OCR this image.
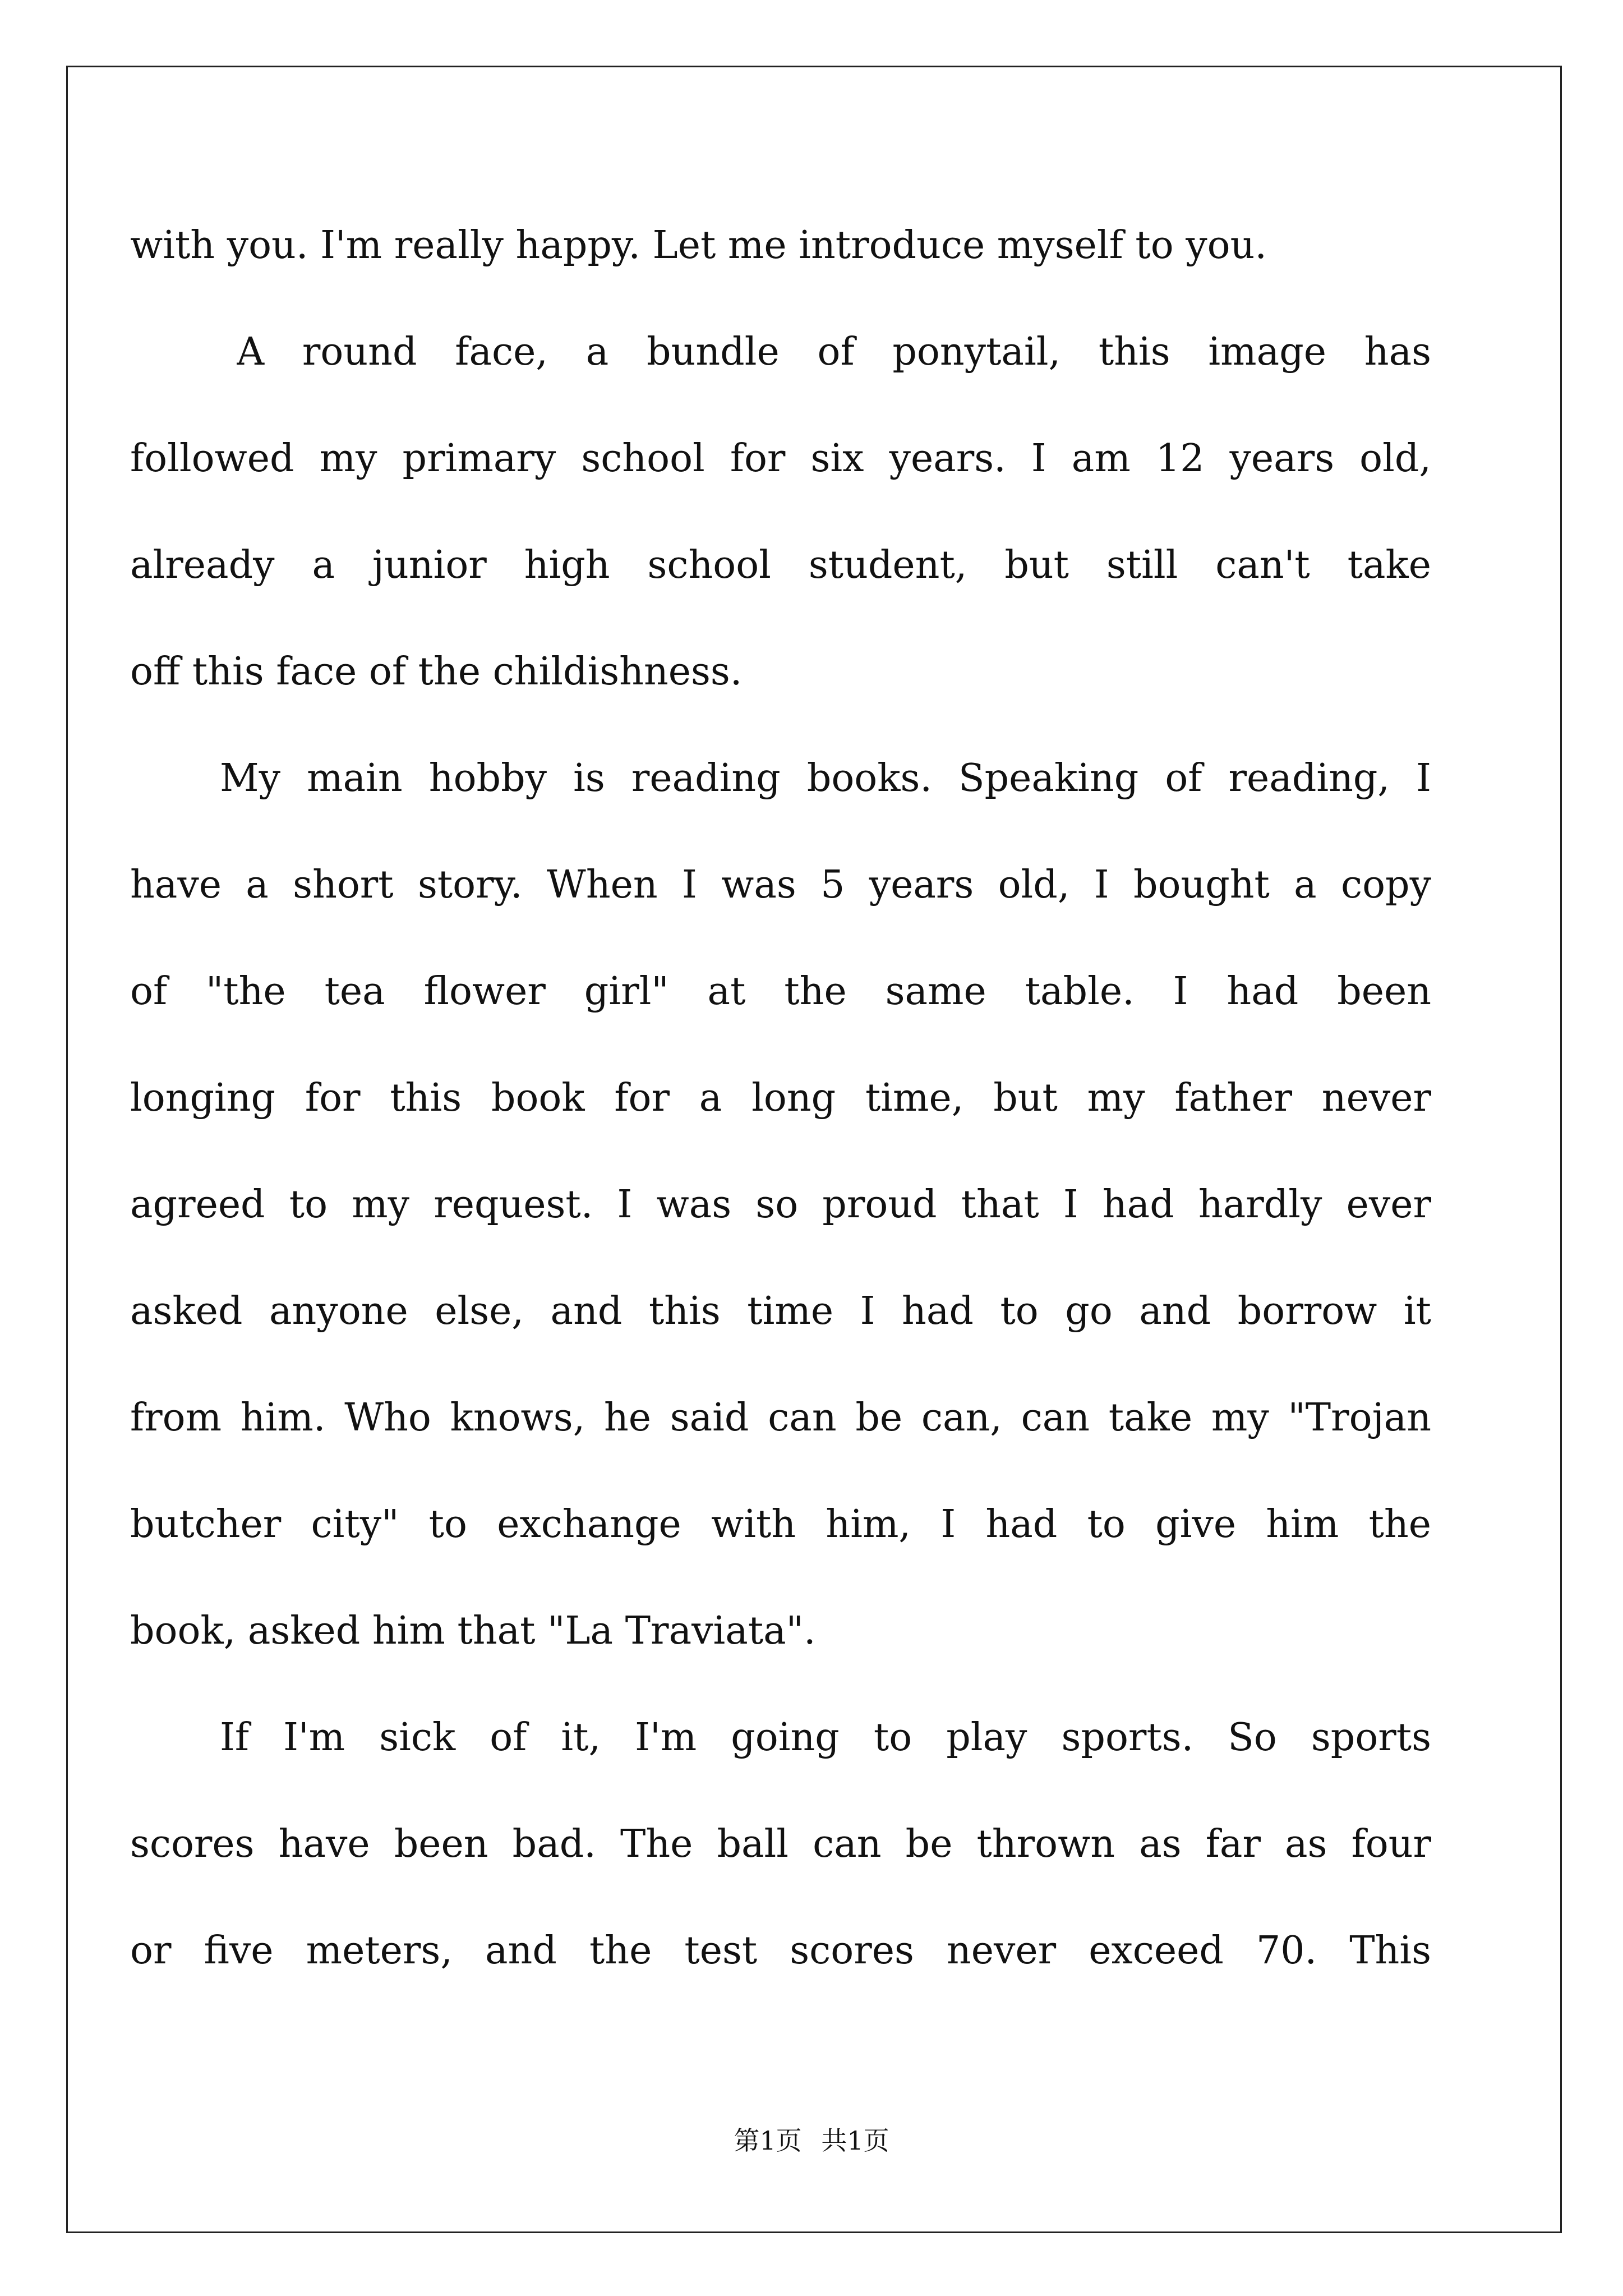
with you. I'm really happy. Let me introduce myself to you.
A round face, a bundle of ponytail, this image has
followed my primary school for six years. I am 12 years old,
already a junior high school student, but still can't take
off this face of the childishness.
My main hobby is reading books. Speaking of reading, I
have a short story. When I was 5 years old, I bought a copy
of "the tea flower girl" at the same table. I had been
longing for this book for a long time, but my father never
agreed to my request. I was so proud that I had hardly ever
asked anyone else, and this time I had to go and borrow it
from him. Who knows, he said can be can, can take my "Trojan
butcher city" to exchange with him, I had to give him the
book, asked him that "La Traviata".
If I'm sick of it, I'm going to play sports. So sports
scores have been bad. The ball can be thrown as far as four
or five meters, and the test scores never exceed 70. This
第1页 共1页
